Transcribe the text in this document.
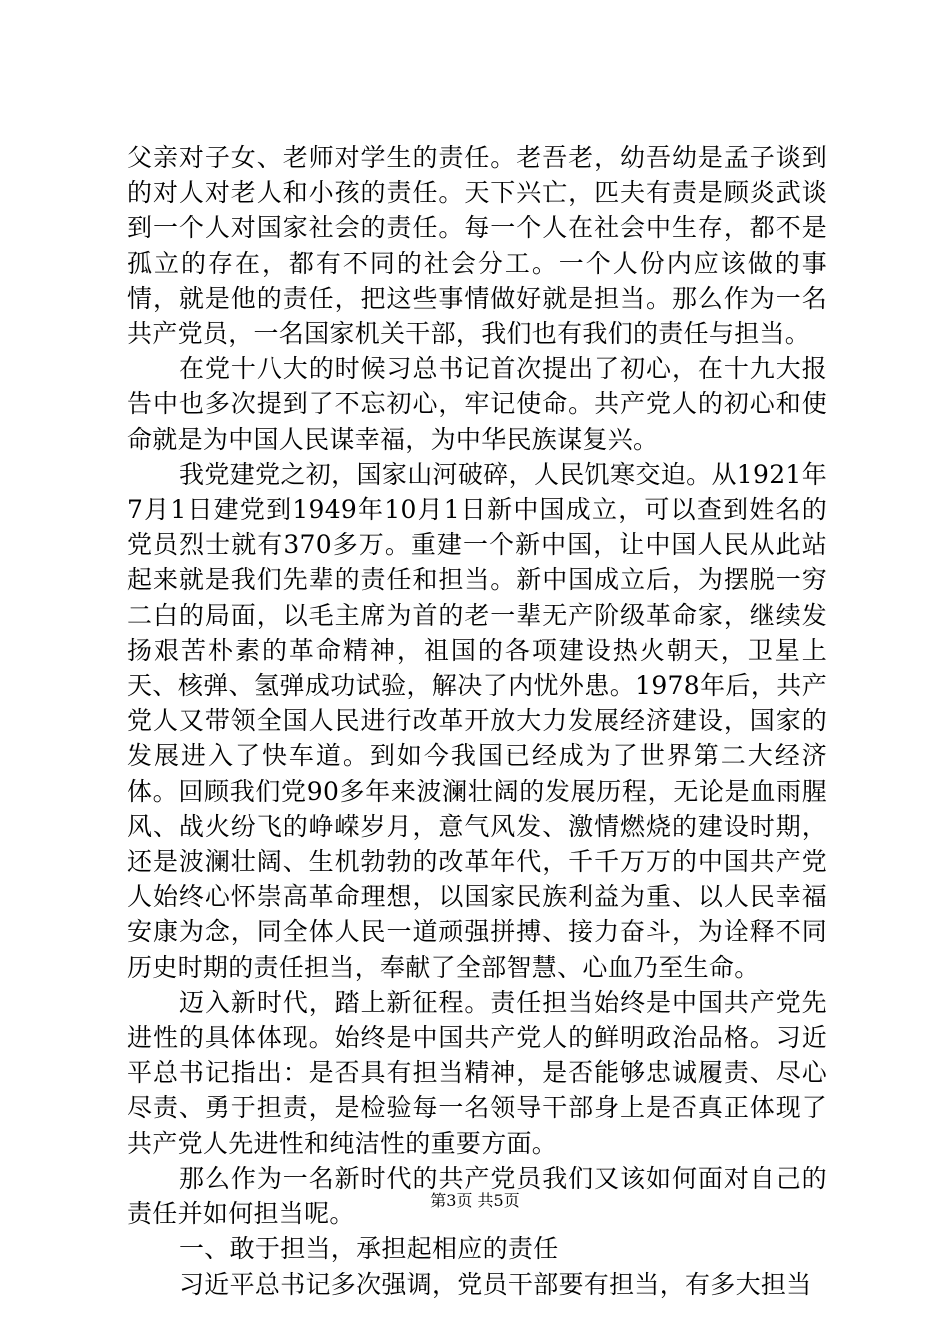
父亲对子女、老师对学生的责任。老吾老，幼吾幼是孟子谈到的对人对老人和小孩的责任。天下兴亡，匹夫有责是顾炎武谈到一个人对国家社会的责任。每一个人在社会中生存，都不是孤立的存在，都有不同的社会分工。一个人份内应该做的事情，就是他的责任，把这些事情做好就是担当。那么作为一名共产党员，一名国家机关干部，我们也有我们的责任与担当。

在党十八大的时候习总书记首次提出了初心，在十九大报告中也多次提到了不忘初心，牢记使命。共产党人的初心和使命就是为中国人民谋幸福，为中华民族谋复兴。

我党建党之初，国家山河破碎，人民饥寒交迫。从1921年7月1日建党到1949年10月1日新中国成立，可以查到姓名的党员烈士就有370多万。重建一个新中国，让中国人民从此站起来就是我们先辈的责任和担当。新中国成立后，为摆脱一穷二白的局面，以毛主席为首的老一辈无产阶级革命家，继续发扬艰苦朴素的革命精神，祖国的各项建设热火朝天，卫星上天、核弹、氢弹成功试验，解决了内忧外患。1978年后，共产党人又带领全国人民进行改革开放大力发展经济建设，国家的发展进入了快车道。到如今我国已经成为了世界第二大经济体。回顾我们党90多年来波澜壮阔的发展历程，无论是血雨腥风、战火纷飞的峥嵘岁月，意气风发、激情燃烧的建设时期，还是波澜壮阔、生机勃勃的改革年代，千千万万的中国共产党人始终心怀崇高革命理想，以国家民族利益为重、以人民幸福安康为念，同全体人民一道顽强拼搏、接力奋斗，为诠释不同历史时期的责任担当，奉献了全部智慧、心血乃至生命。

迈入新时代，踏上新征程。责任担当始终是中国共产党先进性的具体体现。始终是中国共产党人的鲜明政治品格。习近平总书记指出：是否具有担当精神，是否能够忠诚履责、尽心尽责、勇于担责，是检验每一名领导干部身上是否真正体现了共产党人先进性和纯洁性的重要方面。

那么作为一名新时代的共产党员我们又该如何面对自己的责任并如何担当呢。

一、敢于担当，承担起相应的责任

习近平总书记多次强调，党员干部要有担当，有多大担当

第3页 共5页
